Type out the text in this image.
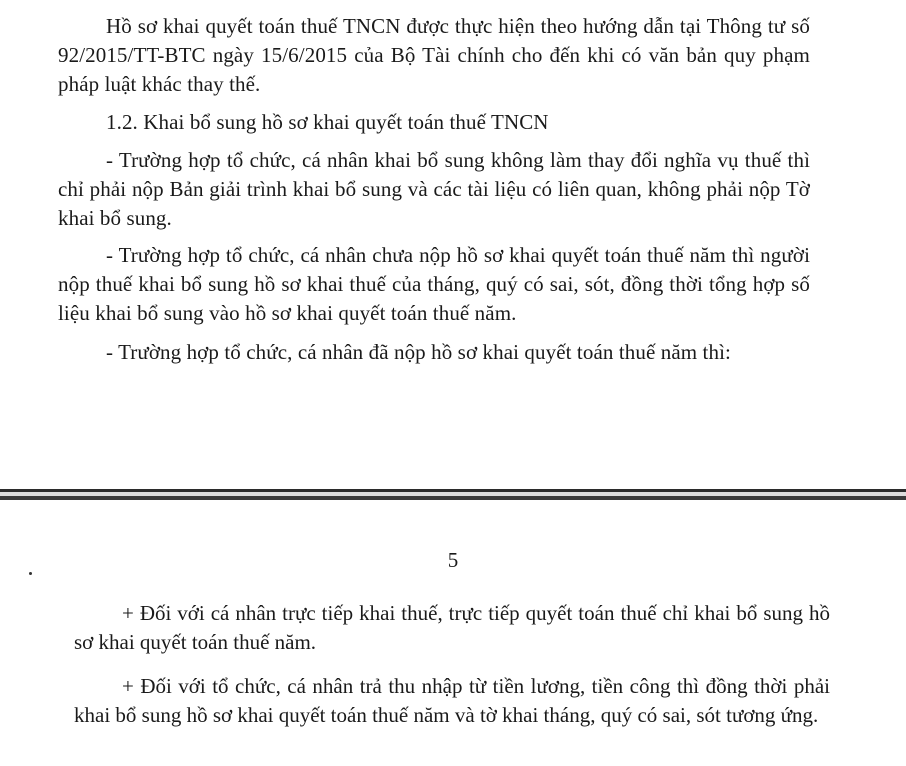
Hồ sơ khai quyết toán thuế TNCN được thực hiện theo hướng dẫn tại Thông tư số 92/2015/TT-BTC ngày 15/6/2015 của Bộ Tài chính cho đến khi có văn bản quy phạm pháp luật khác thay thế.

1.2. Khai bổ sung hồ sơ khai quyết toán thuế TNCN

- Trường hợp tổ chức, cá nhân khai bổ sung không làm thay đổi nghĩa vụ thuế thì chỉ phải nộp Bản giải trình khai bổ sung và các tài liệu có liên quan, không phải nộp Tờ khai bổ sung.

- Trường hợp tổ chức, cá nhân chưa nộp hồ sơ khai quyết toán thuế năm thì người nộp thuế khai bổ sung hồ sơ khai thuế của tháng, quý có sai, sót, đồng thời tổng hợp số liệu khai bổ sung vào hồ sơ khai quyết toán thuế năm.

- Trường hợp tổ chức, cá nhân đã nộp hồ sơ khai quyết toán thuế năm thì:

5

+ Đối với cá nhân trực tiếp khai thuế, trực tiếp quyết toán thuế chỉ khai bổ sung hồ sơ khai quyết toán thuế năm.

+ Đối với tổ chức, cá nhân trả thu nhập từ tiền lương, tiền công thì đồng thời phải khai bổ sung hồ sơ khai quyết toán thuế năm và tờ khai tháng, quý có sai, sót tương ứng.
